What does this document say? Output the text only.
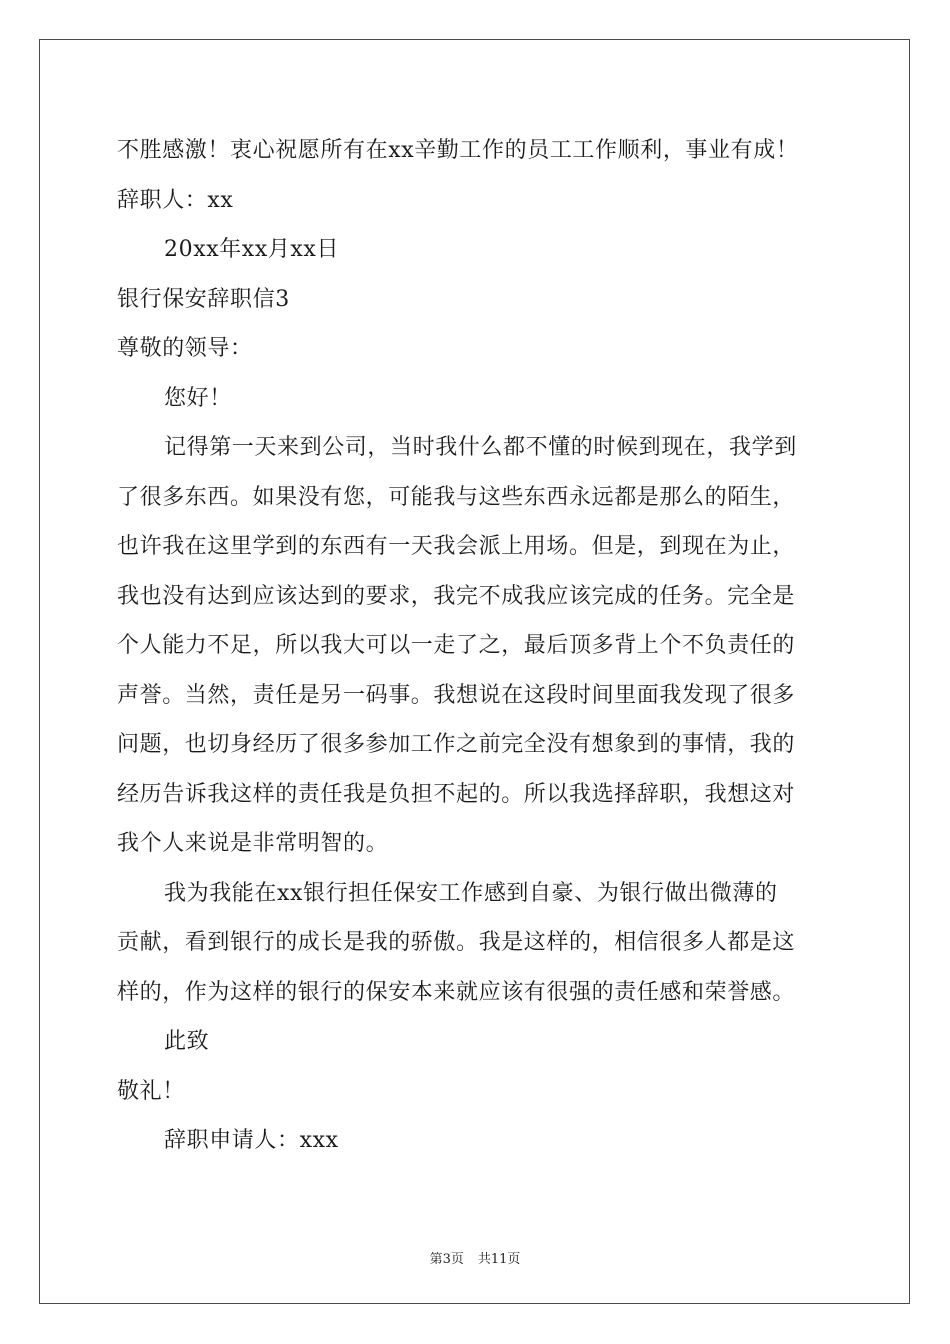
不胜感激！衷心祝愿所有在xx辛勤工作的员工工作顺利，事业有成！
辞职人：xx
20xx年xx月xx日
银行保安辞职信3
尊敬的领导：
您好！
记得第一天来到公司，当时我什么都不懂的时候到现在，我学到
了很多东西。如果没有您，可能我与这些东西永远都是那么的陌生，
也许我在这里学到的东西有一天我会派上用场。但是，到现在为止，
我也没有达到应该达到的要求，我完不成我应该完成的任务。完全是
个人能力不足，所以我大可以一走了之，最后顶多背上个不负责任的
声誉。当然，责任是另一码事。我想说在这段时间里面我发现了很多
问题，也切身经历了很多参加工作之前完全没有想象到的事情，我的
经历告诉我这样的责任我是负担不起的。所以我选择辞职，我想这对
我个人来说是非常明智的。
我为我能在xx银行担任保安工作感到自豪、为银行做出微薄的
贡献，看到银行的成长是我的骄傲。我是这样的，相信很多人都是这
样的，作为这样的银行的保安本来就应该有很强的责任感和荣誉感。
此致
敬礼！
辞职申请人：xxx
第3页 共11页
